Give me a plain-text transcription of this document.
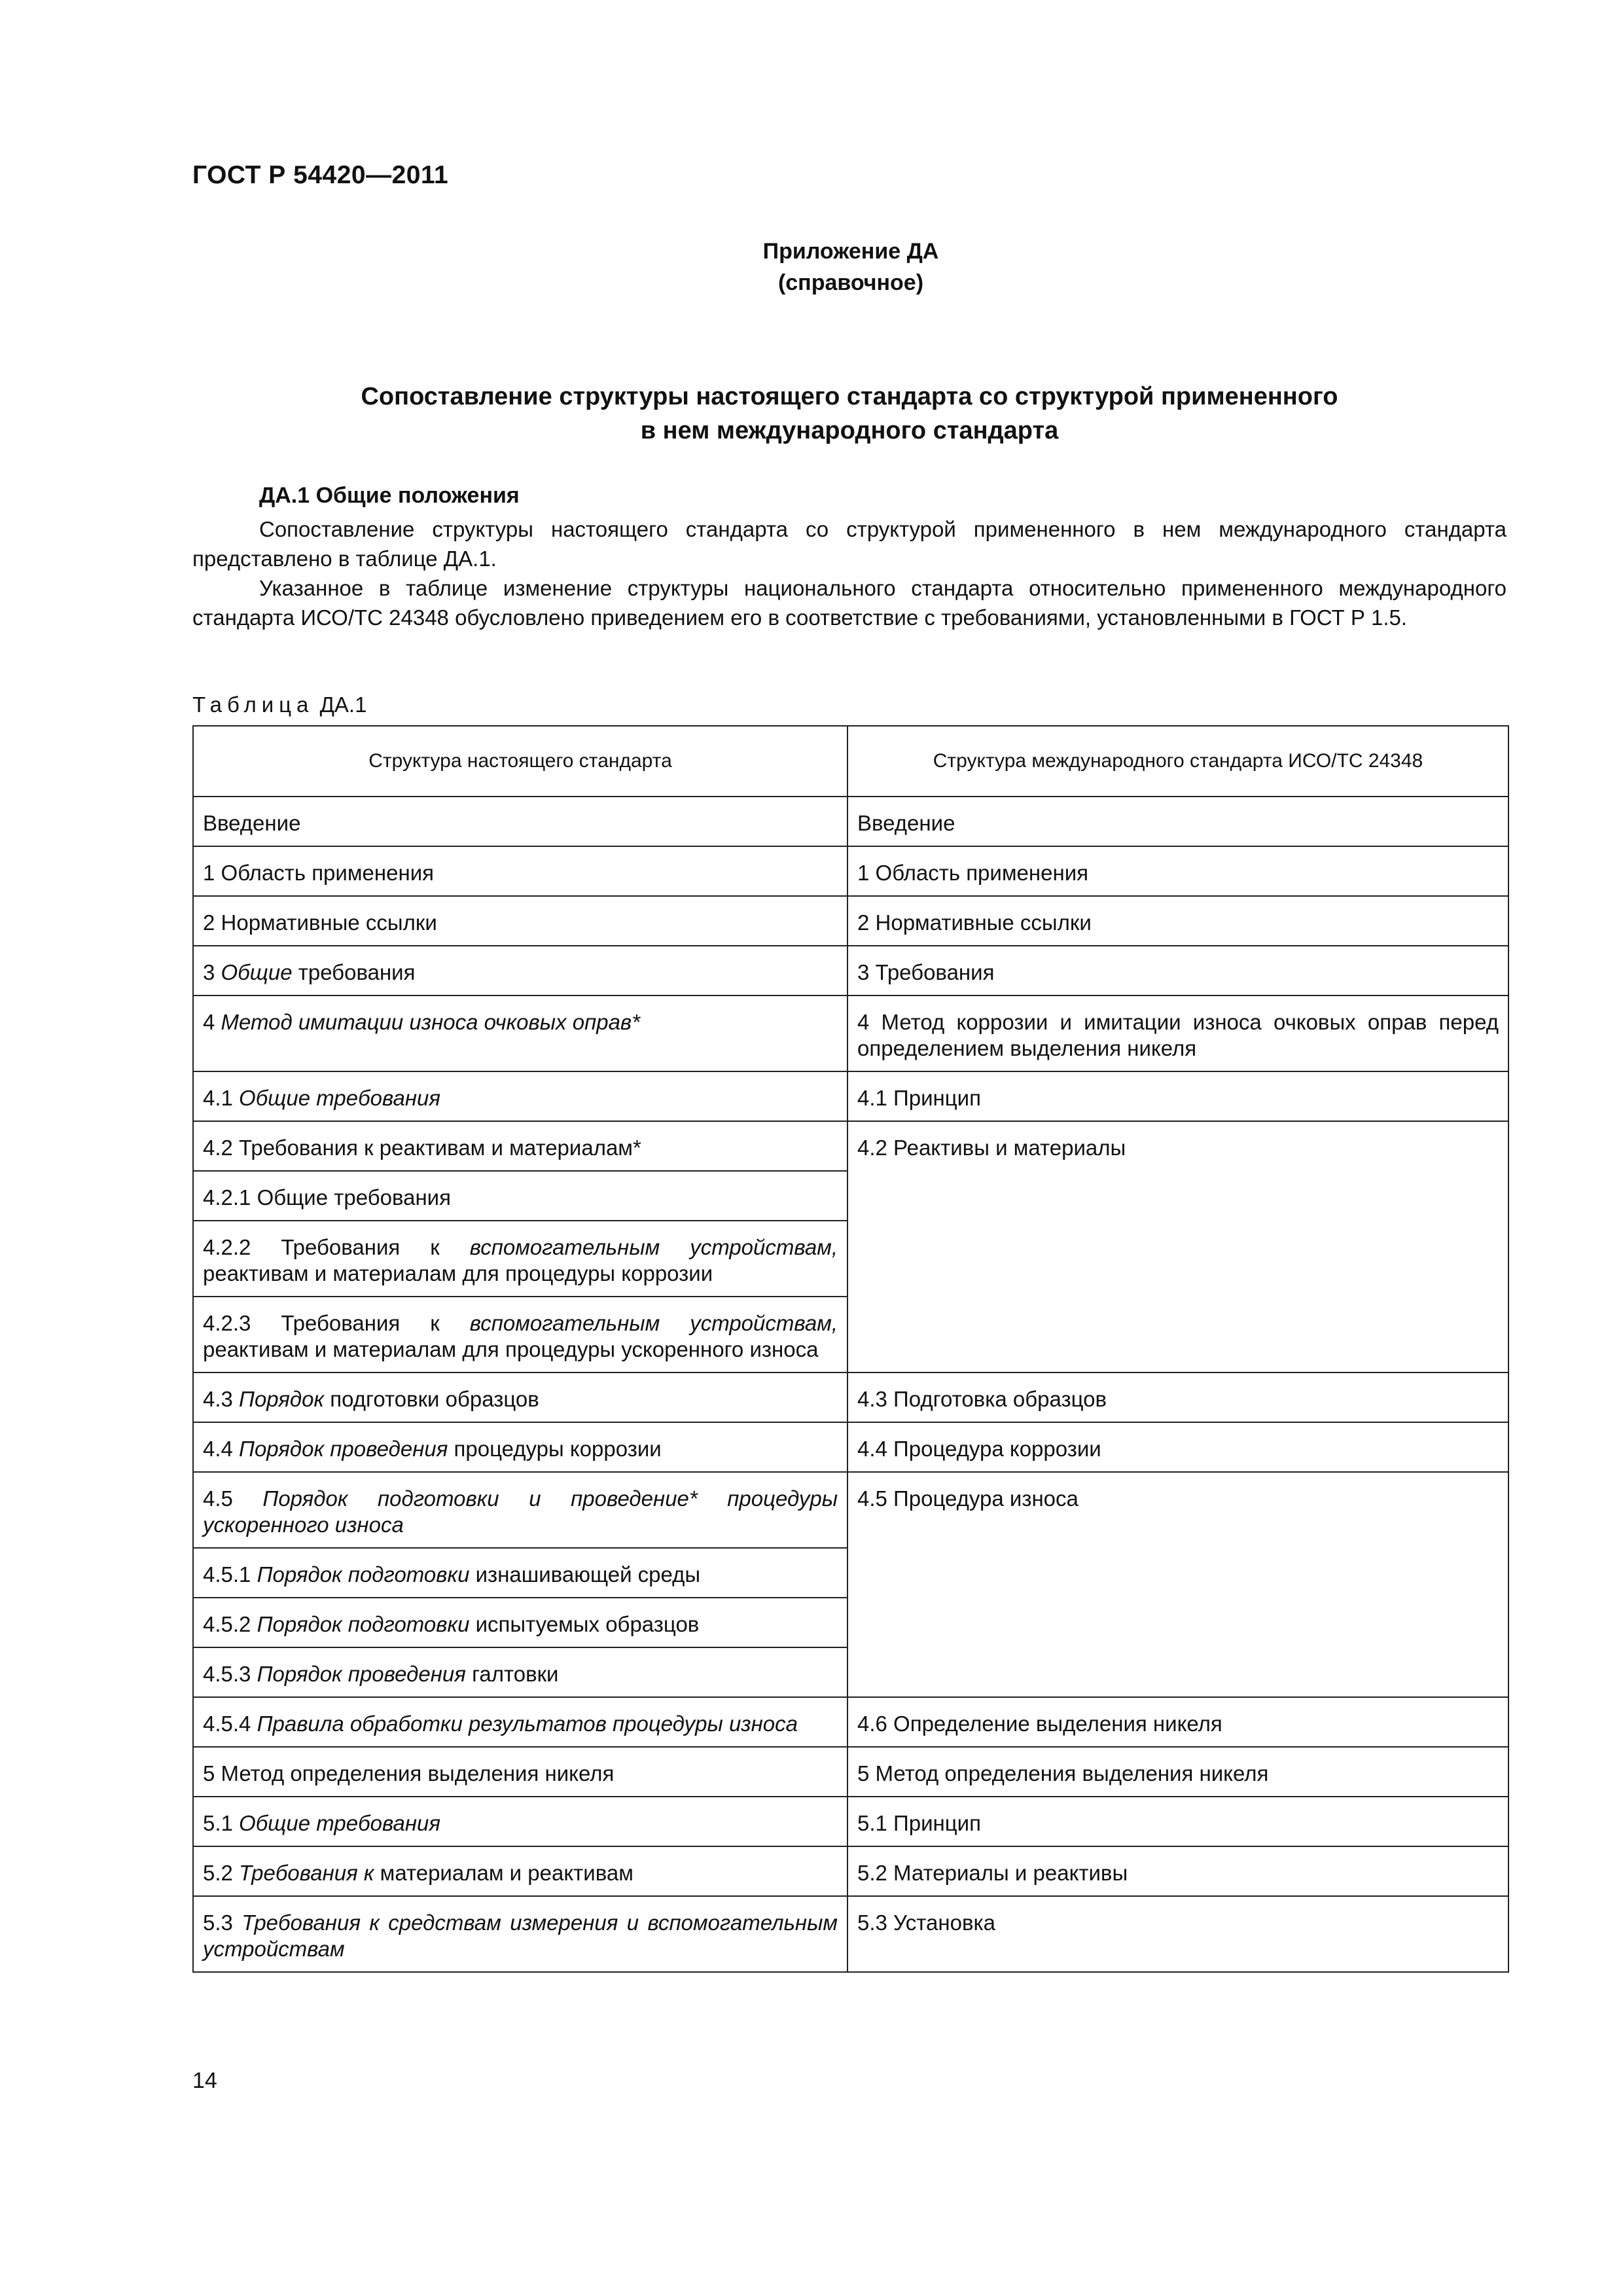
ГОСТ Р 54420—2011
Приложение ДА
(справочное)
Сопоставление структуры настоящего стандарта со структурой примененного
в нем международного стандарта
ДА.1 Общие положения
Сопоставление структуры настоящего стандарта со структурой примененного в нем международного стандарта представлено в таблице ДА.1.
Указанное в таблице изменение структуры национального стандарта относительно примененного международного стандарта ИСО/ТС 24348 обусловлено приведением его в соответствие с требованиями, установленными в ГОСТ Р 1.5.
Таблица ДА.1
Структура настоящего стандарта	Структура международного стандарта ИСО/ТС 24348
Введение	Введение
1 Область применения	1 Область применения
2 Нормативные ссылки	2 Нормативные ссылки
3 Общие требования	3 Требования
4 Метод имитации износа очковых оправ*	4 Метод коррозии и имитации износа очковых оправ перед определением выделения никеля
4.1 Общие требования	4.1 Принцип
4.2 Требования к реактивам и материалам*	4.2 Реактивы и материалы
4.2.1 Общие требования	
4.2.2 Требования к вспомогательным устройствам, реактивам и материалам для процедуры коррозии	
4.2.3 Требования к вспомогательным устройствам, реактивам и материалам для процедуры ускоренного износа	
4.3 Порядок подготовки образцов	4.3 Подготовка образцов
4.4 Порядок проведения процедуры коррозии	4.4 Процедура коррозии
4.5 Порядок подготовки и проведение* процедуры ускоренного износа	4.5 Процедура износа
4.5.1 Порядок подготовки изнашивающей среды	
4.5.2 Порядок подготовки испытуемых образцов	
4.5.3 Порядок проведения галтовки	
4.5.4 Правила обработки результатов процедуры износа	4.6 Определение выделения никеля
5 Метод определения выделения никеля	5 Метод определения выделения никеля
5.1 Общие требования	5.1 Принцип
5.2 Требования к материалам и реактивам	5.2 Материалы и реактивы
5.3 Требования к средствам измерения и вспомогательным устройствам	5.3 Установка
14
